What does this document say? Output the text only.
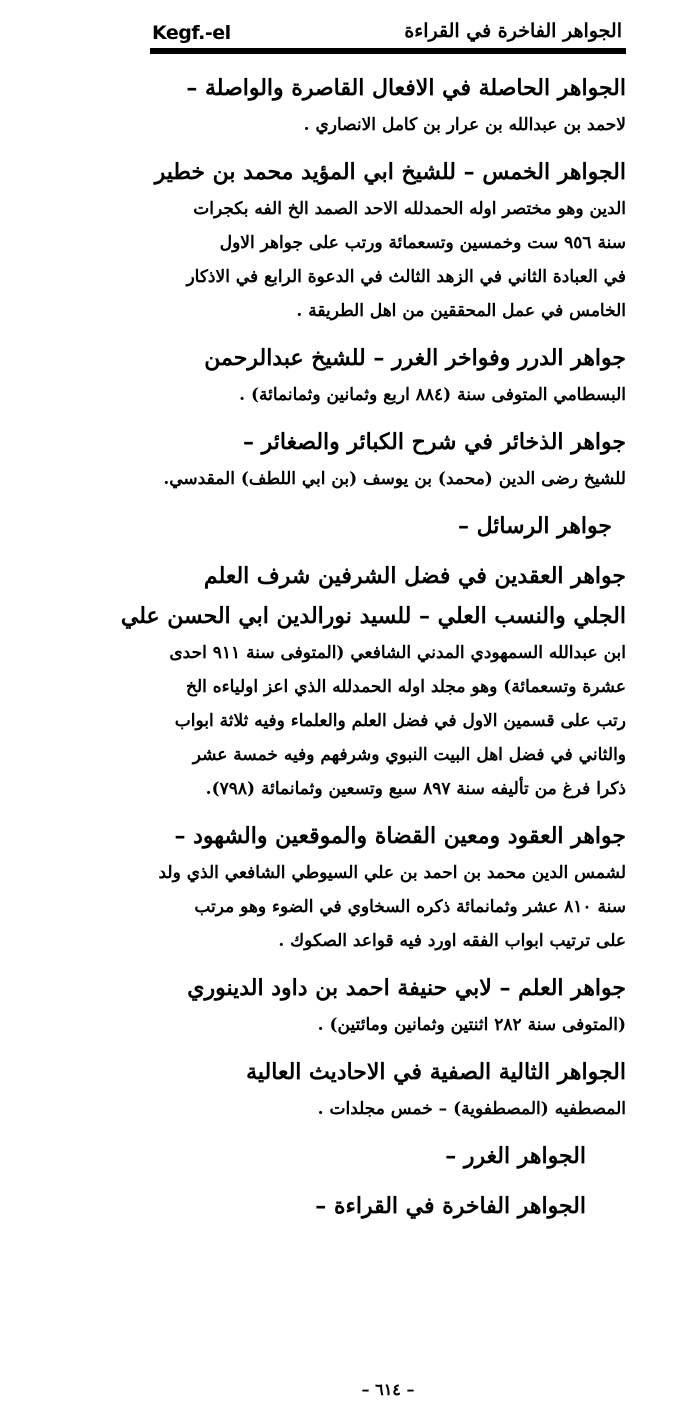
Kegf.-el	الجواهر الفاخرة في القراءة
الجواهر الحاصلة في الافعال القاصرة والواصلة –
لاحمد بن عبدالله بن عرار بن كامل الانصاري .
الجواهر الخمس – للشيخ ابي المؤيد محمد بن خطير
الدين وهو مختصر اوله الحمدلله الاحد الصمد الخ الفه بكجرات
سنة ٩٥٦ ست وخمسين وتسعمائة ورتب على جواهر الاول
في العبادة الثاني في الزهد الثالث في الدعوة الرابع في الاذكار
الخامس في عمل المحققين من اهل الطريقة .
جواهر الدرر وفواخر الغرر – للشيخ عبدالرحمن
البسطامي المتوفى سنة (٨٨٤ اربع وثمانين وثمانمائة) .
جواهر الذخائر في شرح الكبائر والصغائر –
للشيخ رضى الدين (محمد) بن يوسف (بن ابي اللطف) المقدسي.
جواهر الرسائل –
جواهر العقدين في فضل الشرفين شرف العلم
الجلي والنسب العلي – للسيد نورالدين ابي الحسن علي
ابن عبدالله السمهودي المدني الشافعي (المتوفى سنة ٩١١ احدى
عشرة وتسعمائة) وهو مجلد اوله الحمدلله الذي اعز اولياءه الخ
رتب على قسمين الاول في فضل العلم والعلماء وفيه ثلاثة ابواب
والثاني في فضل اهل البيت النبوي وشرفهم وفيه خمسة عشر
ذكرا فرغ من تأليفه سنة ٨٩٧ سبع وتسعين وثمانمائة (٧٩٨).
جواهر العقود ومعين القضاة والموقعين والشهود –
لشمس الدين محمد بن احمد بن علي السيوطي الشافعي الذي ولد
سنة ٨١٠ عشر وثمانمائة ذكره السخاوي في الضوء وهو مرتب
على ترتيب ابواب الفقه اورد فيه قواعد الصكوك .
جواهر العلم – لابي حنيفة احمد بن داود الدينوري
(المتوفى سنة ٢٨٢ اثنتين وثمانين ومائتين) .
الجواهر الثالية الصفية في الاحاديث العالية
المصطفيه (المصطفوية) – خمس مجلدات .
الجواهر الغرر –
الجواهر الفاخرة في القراءة –
– ٦١٤ –
